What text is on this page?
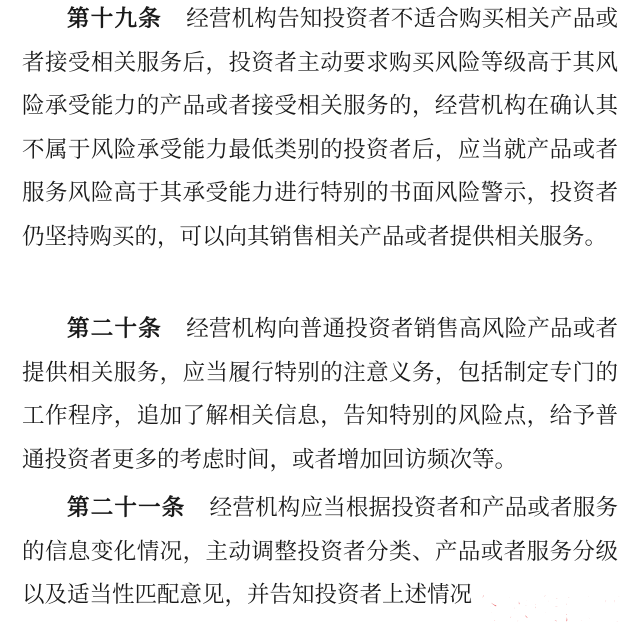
第十九条 经营机构告知投资者不适合购买相关产品或者接受相关服务后，投资者主动要求购买风险等级高于其风险承受能力的产品或者接受相关服务的，经营机构在确认其不属于风险承受能力最低类别的投资者后，应当就产品或者服务风险高于其承受能力进行特别的书面风险警示，投资者仍坚持购买的，可以向其销售相关产品或者提供相关服务。

第二十条 经营机构向普通投资者销售高风险产品或者提供相关服务，应当履行特别的注意义务，包括制定专门的工作程序，追加了解相关信息，告知特别的风险点，给予普通投资者更多的考虑时间，或者增加回访频次等。

第二十一条 经营机构应当根据投资者和产品或者服务的信息变化情况，主动调整投资者分类、产品或者服务分级以及适当性匹配意见，并告知投资者上述情况

全球资源网
